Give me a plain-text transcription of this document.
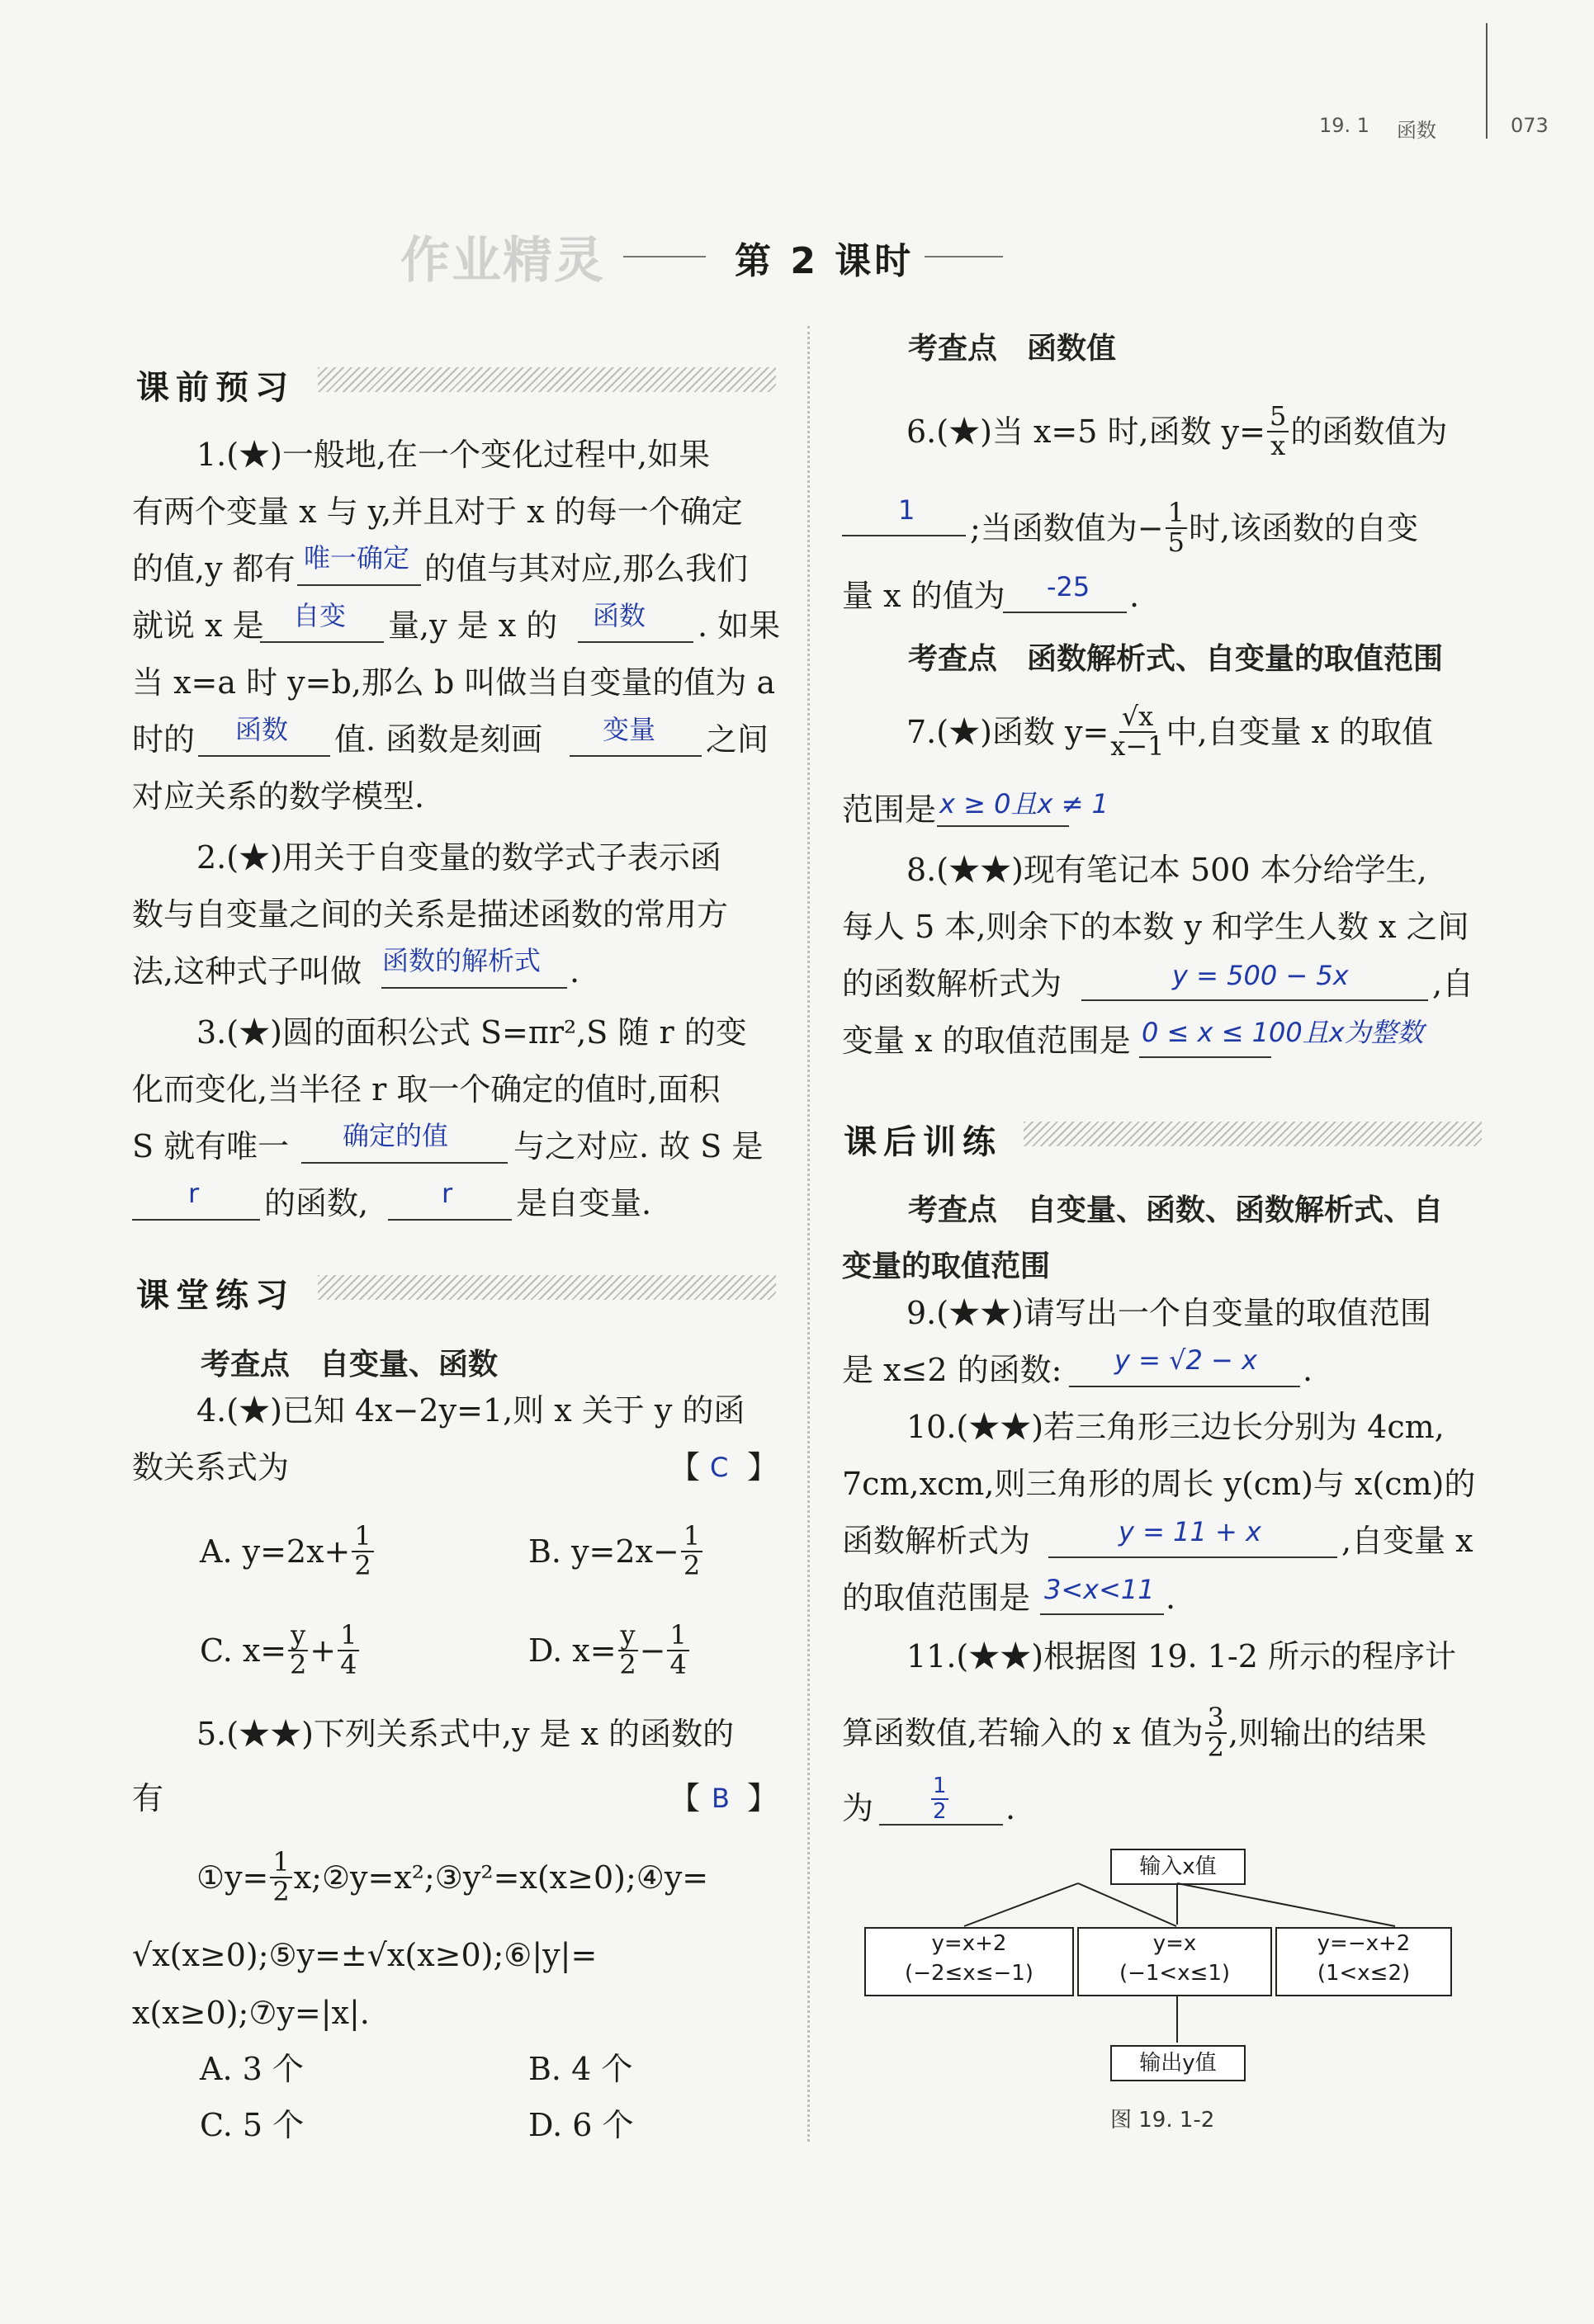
19. 1 函数	073
作业精灵	第 2 课时
课前预习
1.(★)一般地,在一个变化过程中,如果
有两个变量 x 与 y,并且对于 x 的每一个确定
的值,y 都有 唯一确定 的值与其对应,那么我们
就说 x 是 自变 量,y 是 x 的 函数 . 如果
当 x=a 时 y=b,那么 b 叫做当自变量的值为 a
时的 函数 值. 函数是刻画 变量 之间
对应关系的数学模型.
2.(★)用关于自变量的数学式子表示函
数与自变量之间的关系是描述函数的常用方
法,这种式子叫做 函数的解析式 .
3.(★)圆的面积公式 S=πr²,S 随 r 的变
化而变化,当半径 r 取一个确定的值时,面积
S 就有唯一 确定的值 与之对应. 故 S 是
r 的函数,	r 是自变量.
课堂练习
考查点　自变量、函数
4.(★)已知 4x−2y=1,则 x 关于 y 的函
数关系式为	【 C 】
A. $y=2x+ \frac{1}{2}$	B. $y=2x- \frac{1}{2}$
C. $x= \frac{y}{2} + \frac{1}{4}$	D. $x= \frac{y}{2} - \frac{1}{4}$
5.(★★)下列关系式中,y 是 x 的函数的
有	【 B 】
①y= $\frac{1}{2}$ x;②y=x²;③y²=x(x≥0);④y=
√x(x≥0);⑤y=±√x(x≥0);⑥|y|=
x(x≥0);⑦y=|x|.
A. 3 个	B. 4 个
C. 5 个	D. 6 个
考查点　函数值
6.(★)当 x=5 时,函数 $y= \frac{5}{x}$ 的函数值为
1 ;当函数值为− $\frac{1}{5}$ 时,该函数的自变
量 x 的值为 -25 .
考查点　函数解析式、自变量的取值范围
7.(★)函数 $y= \frac{√x}{x-1}$ 中,自变量 x 的取值
范围是 x ≥ 0且x ≠ 1
8.(★★)现有笔记本 500 本分给学生,
每人 5 本,则余下的本数 y 和学生人数 x 之间
的函数解析式为	y = 500 − 5x	,自
变量 x 的取值范围是 0 ≤ x ≤ 100且x为整数
课后训练
考查点　自变量、函数、函数解析式、自
变量的取值范围
9.(★★)请写出一个自变量的取值范围
是 x≤2 的函数: y = √2 − x .
10.(★★)若三角形三边长分别为 4cm,
7cm,xcm,则三角形的周长 y(cm)与 x(cm)的
函数解析式为	y = 11 + x	,自变量 x
的取值范围是 3<x<11 .
11.(★★)根据图 19. 1-2 所示的程序计
算函数值,若输入的 x 值为 $\frac{3}{2}$ ,则输出的结果
为
1
2 .
输入x值
y=x+2
(−2≤x≤−1)
y=x
(−1<x≤1)
y=−x+2
(1<x≤2)
输出y值
图 19. 1-2
